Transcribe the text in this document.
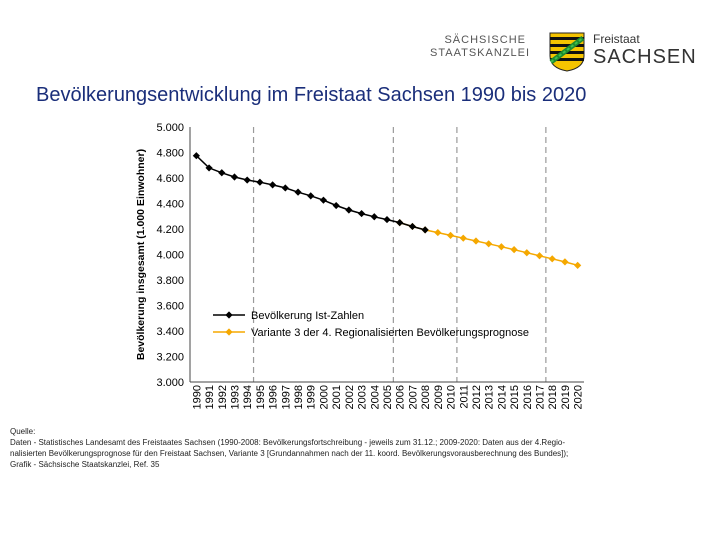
SÄCHSISCHE
STAATSKANZLEI
Freistaat
SACHSEN
Bevölkerungsentwicklung im Freistaat Sachsen 1990 bis 2020
3.000
3.200
3.400
3.600
3.800
4.000
4.200
4.400
4.600
4.800
5.000
1990 1991 1992 1993 1994 1995 1996 1997 1998 1999 2000 2001 2002 2003 2004 2005 2006 2007 2008 2009 2010 2011 2012 2013 2014 2015 2016 2017 2018 2019 2020
Bevölkerung Ist-Zahlen
Variante 3 der 4. Regionalisierten Bevölkerungsprognose
Bevölkerung insgesamt (1.000 Einwohner)
Quelle:
Daten - Statistisches Landesamt des Freistaates Sachsen (1990-2008: Bevölkerungsfortschreibung - jeweils zum 31.12.; 2009-2020: Daten aus der 4.Regio-
nalisierten Bevölkerungsprognose für den Freistaat Sachsen, Variante 3 [Grundannahmen nach der 11. koord. Bevölkerungsvorausberechnung des Bundes]);
Grafik - Sächsische Staatskanzlei, Ref. 35
